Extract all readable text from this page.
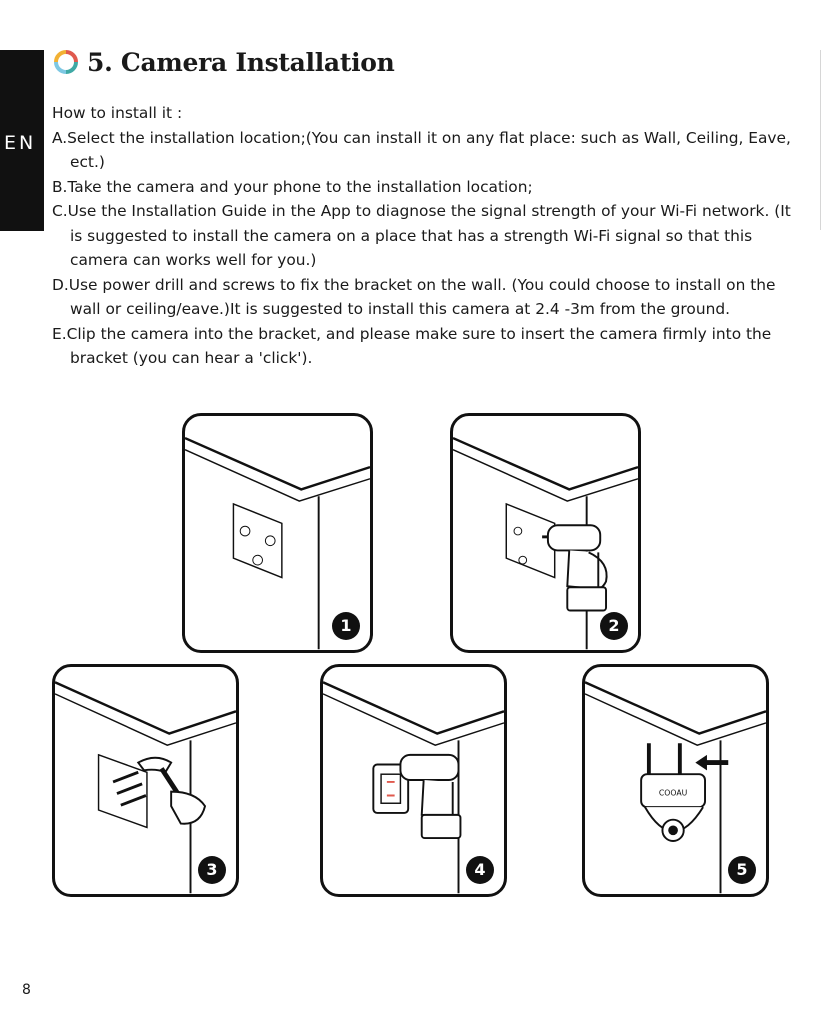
EN
5. Camera Installation

How to install it :

A.Select the installation location;(You can install it on any flat place: such as Wall, Ceiling, Eave, ect.)

B.Take the camera and your phone to the installation location;

C.Use the Installation Guide in the App to diagnose the signal strength of your Wi-Fi network. (It is suggested to install the camera on a place that has a strength Wi-Fi signal so that this camera can works well for you.)

D.Use power drill and screws to fix the bracket on the wall. (You could choose to install on the wall or ceiling/eave.)It is suggested to install this camera at 2.4 -3m from the ground.

E.Clip the camera into the bracket, and please make sure to insert the camera firmly into the bracket (you can hear a 'click').

1	2
3	4
COOAU
5
8
